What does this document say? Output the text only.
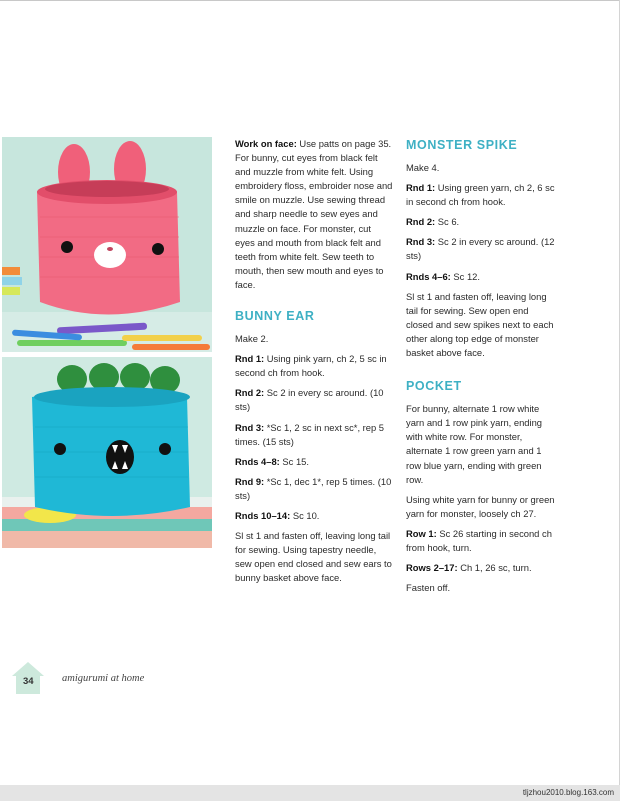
Work on face: Use patts on page 35. For bunny, cut eyes from black felt and muzzle from white felt. Using embroidery floss, embroider nose and smile on muzzle. Use sewing thread and sharp needle to sew eyes and muzzle on face. For monster, cut eyes and mouth from black felt and teeth from white felt. Sew teeth to mouth, then sew mouth and eyes to face.

BUNNY EAR

Make 2.

Rnd 1: Using pink yarn, ch 2, 5 sc in second ch from hook.

Rnd 2: Sc 2 in every sc around. (10 sts)

Rnd 3: *Sc 1, 2 sc in next sc*, rep 5 times. (15 sts)

Rnds 4–8: Sc 15.

Rnd 9: *Sc 1, dec 1*, rep 5 times. (10 sts)

Rnds 10–14: Sc 10.

Sl st 1 and fasten off, leaving long tail for sewing. Using tapestry needle, sew open end closed and sew ears to bunny basket above face.

MONSTER SPIKE

Make 4.

Rnd 1: Using green yarn, ch 2, 6 sc in second ch from hook.

Rnd 2: Sc 6.

Rnd 3: Sc 2 in every sc around. (12 sts)

Rnds 4–6: Sc 12.

Sl st 1 and fasten off, leaving long tail for sewing. Sew open end closed and sew spikes next to each other along top edge of monster basket above face.

POCKET

For bunny, alternate 1 row white yarn and 1 row pink yarn, ending with white row. For monster, alternate 1 row green yarn and 1 row blue yarn, ending with green row.

Using white yarn for bunny or green yarn for monster, loosely ch 27.

Row 1: Sc 26 starting in second ch from hook, turn.

Rows 2–17: Ch 1, 26 sc, turn.

Fasten off.

34	amigurumi at home
tljzhou2010.blog.163.com
